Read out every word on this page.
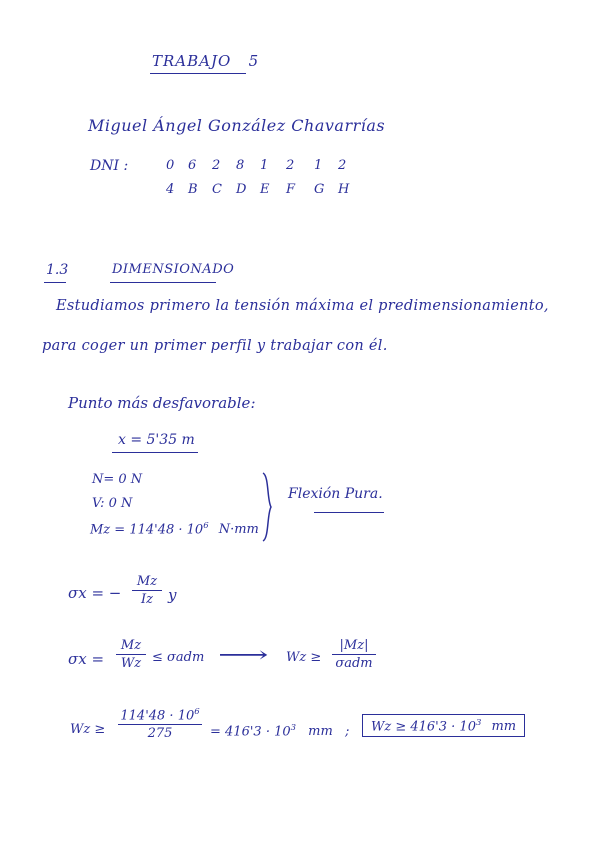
TRABAJO   5
Miguel Ángel González Chavarrías
DNI :	0 6 2 8 1 2 1 2
4 B C D E F G H
1.3	DIMENSIONADO
Estudiamos primero la tensión máxima el predimensionamiento,
para coger un primer perfil y trabajar con él.
Punto más desfavorable:
x = 5'35 m
N= 0 N
V: 0 N
$Mz = 114'48 \cdot 10^6$ N·mm
Flexión Pura.
σx = −
Mz
Iz	y
σx =
Mz
Wz ≤ σadm ⟶ Wz ≥
|Mz|
σadm
Wz ≥
$114'48 \cdot 10^6$
275	= $416'3 \cdot 10^3$ mm ;	$Wz \ge 416'3 \cdot 10^3$ mm
